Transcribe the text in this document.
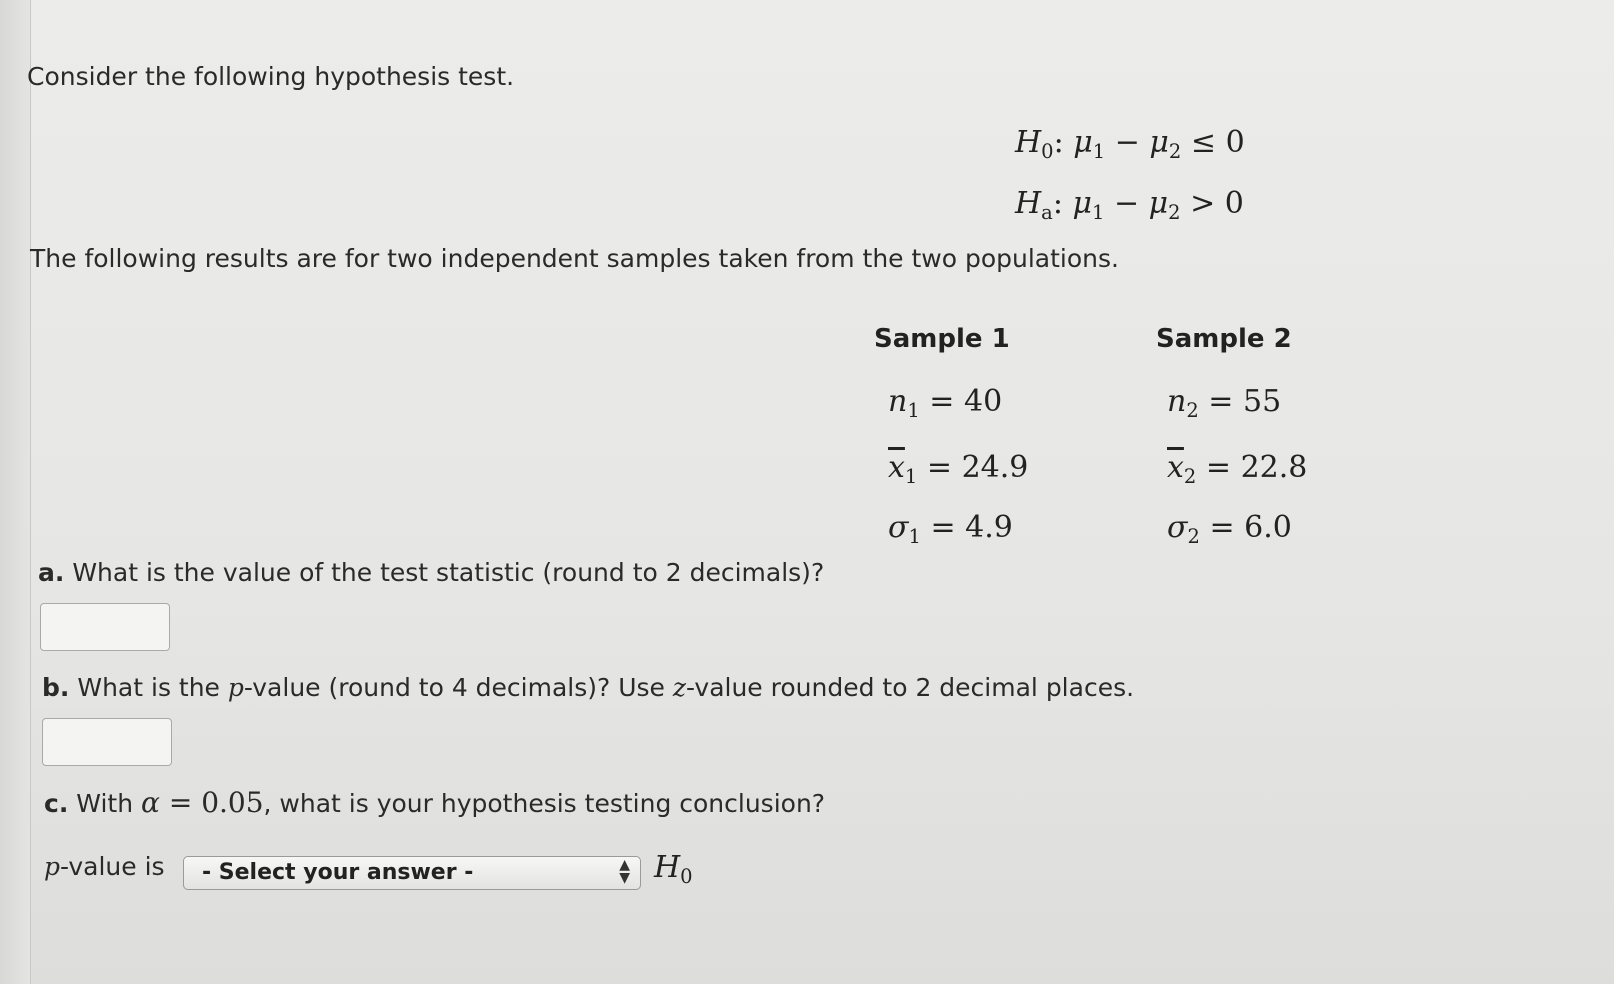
Consider the following hypothesis test.
$H_0$: $\mu_1 - \mu_2 \le 0$
$H_a$: $\mu_1 - \mu_2 > 0$
The following results are for two independent samples taken from the two populations.
Sample 1	Sample 2
$n_1 = 40$	$n_2 = 55$
$\overline{x}_1 = 24.9$	$\overline{x}_2 = 22.8$
$\sigma_1 = 4.9$	$\sigma_2 = 6.0$
a. What is the value of the test statistic (round to 2 decimals)?
b. What is the p-value (round to 4 decimals)? Use z-value rounded to 2 decimal places.
c. With α = 0.05, what is your hypothesis testing conclusion?
p-value is	- Select your answer -	▲
▼ $H_0$
